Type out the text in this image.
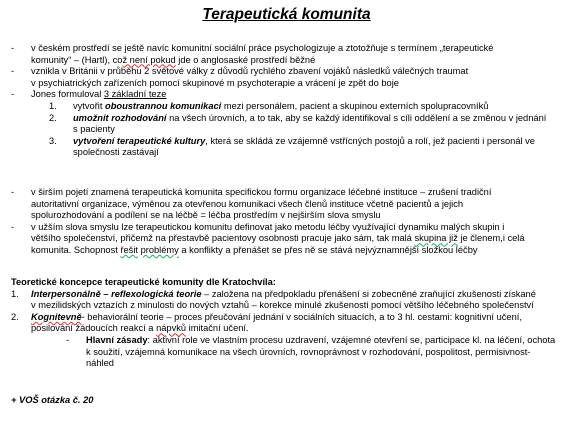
Terapeutická komunita
- v českém prostředí se ještě navíc komunitní sociální práce psychologizuje a ztotožňuje s termínem „terapeutické
komunity“ – (Hartl), což není pokud jde o anglosaské prostředí běžné
- vznikla v Británii v průběhu 2 světové války z důvodů rychlého zbavení vojáků následků válečných traumat
v psychiatrických zařízeních pomocí skupinové m psychoterapie a vrácení je zpět do boje
- Jones formuloval 3 základní teze
1. vytvořit oboustrannou komunikaci mezi personálem, pacient a skupinou externích spolupracovníků
2. umožnit rozhodování na všech úrovních, a to tak, aby se každý identifikoval s cíli oddělení a se změnou v jednání
s pacienty
3. vytvoření terapeutické kultury, která se skládá ze vzájemně vstřícných postojů a rolí, jež pacienti i personál ve
společnosti zastávají
- v širším pojetí znamená terapeutická komunita specifickou formu organizace léčebné instituce – zrušení tradiční
autoritativní organizace, výměnou za otevřenou komunikaci všech členů instituce včetně pacientů a jejich
spolurozhodování a podílení se na léčbě = léčba prostředím v nejširším slova smyslu
- v užším slova smyslu lze terapeutickou komunitu definovat jako metodu léčby využívající dynamiku malých skupin i
většího společenství, přičemž na přestavbě pacientovy osobnosti pracuje jako sám, tak malá skupina již je členem,i celá
komunita. Schopnost řešit problémy a konflikty a přenášet se přes ně se stává nejvýznamnější složkou léčby
Teoretické koncepce terapeutické komunity dle Kratochvíla:
1. Interpersonálně – reflexologická teorie – založena na předpokladu přenášení si zobecněné zraňující zkušenosti získané
v mezilidských vztazích z minulosti do nových vztahů – korekce minulé zkušenosti pomocí většího léčebného společenství
2. Kognitevně- behaviorální teorie – proces přeučování jednání v sociálních situacích, a to 3 hl. cestami: kognitivní učení,
posilování žádoucích reakcí a nápvků imitační učení.
- Hlavní zásady: aktivní role ve vlastním procesu uzdravení, vzájemné otevření se, participace kl. na léčení, ochota
k soužití, vzájemná komunikace na všech úrovních, rovnoprávnost v rozhodování, pospolitost, permisivnost-
náhled
+ VOŠ otázka č. 20
